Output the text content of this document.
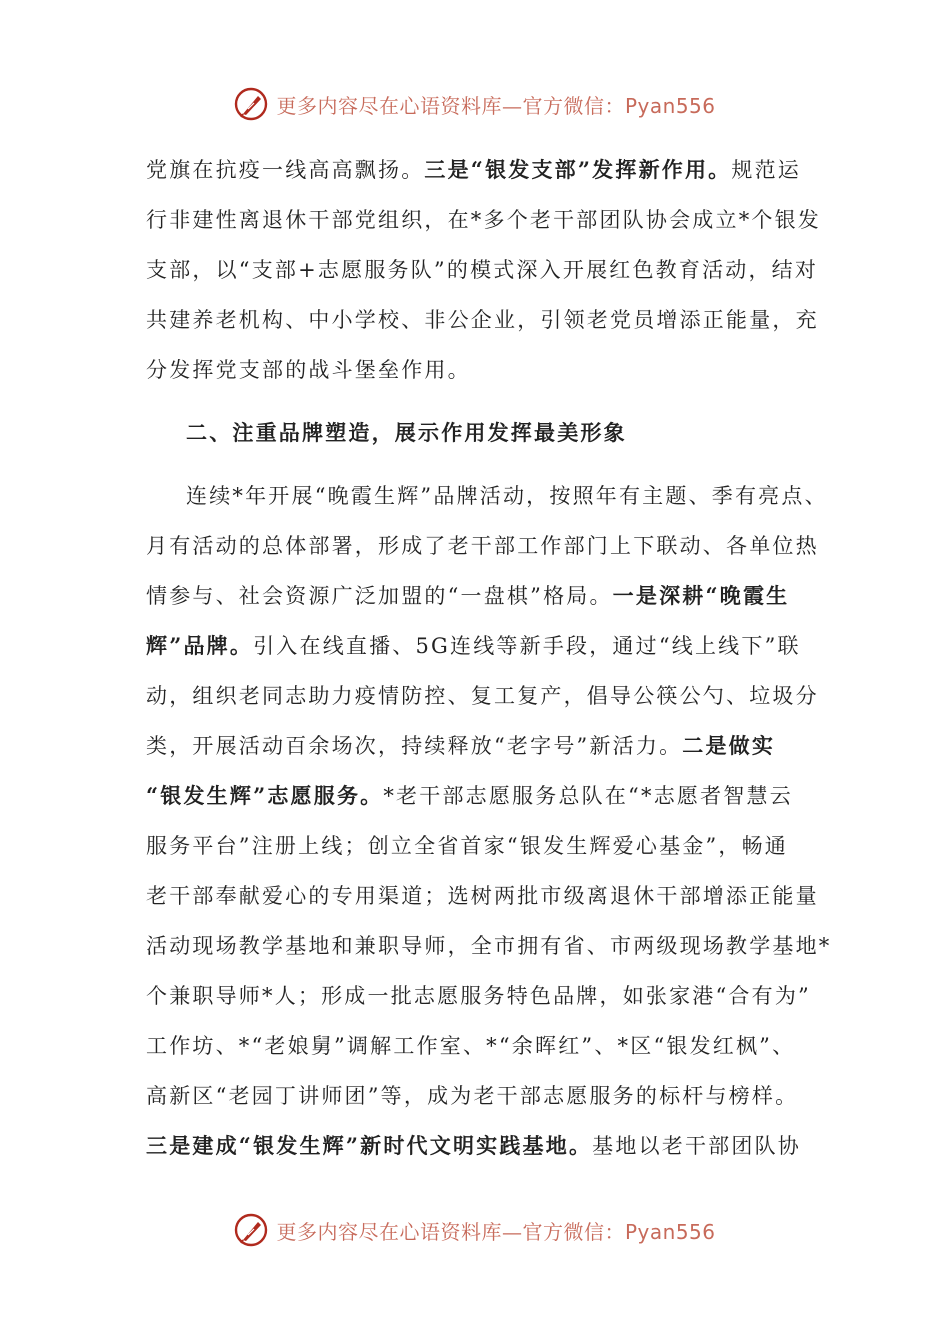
更多内容尽在心语资料库—官方微信：Pyan556
党旗在抗疫一线高高飘扬。三是“银发支部”发挥新作用。规范运
行非建性离退休干部党组织，在*多个老干部团队协会成立*个银发
支部，以“支部+志愿服务队”的模式深入开展红色教育活动，结对
共建养老机构、中小学校、非公企业，引领老党员增添正能量，充
分发挥党支部的战斗堡垒作用。
二、注重品牌塑造，展示作用发挥最美形象
连续*年开展“晚霞生辉”品牌活动，按照年有主题、季有亮点、
月有活动的总体部署，形成了老干部工作部门上下联动、各单位热
情参与、社会资源广泛加盟的“一盘棋”格局。一是深耕“晚霞生
辉”品牌。引入在线直播、5G连线等新手段，通过“线上线下”联
动，组织老同志助力疫情防控、复工复产，倡导公筷公勺、垃圾分
类，开展活动百余场次，持续释放“老字号”新活力。二是做实
“银发生辉”志愿服务。*老干部志愿服务总队在“*志愿者智慧云
服务平台”注册上线；创立全省首家“银发生辉爱心基金”，畅通
老干部奉献爱心的专用渠道；选树两批市级离退休干部增添正能量
活动现场教学基地和兼职导师，全市拥有省、市两级现场教学基地*
个兼职导师*人；形成一批志愿服务特色品牌，如张家港“合有为”
工作坊、*“老娘舅”调解工作室、*“余晖红”、*区“银发红枫”、
高新区“老园丁讲师团”等，成为老干部志愿服务的标杆与榜样。
三是建成“银发生辉”新时代文明实践基地。基地以老干部团队协
更多内容尽在心语资料库—官方微信：Pyan556
